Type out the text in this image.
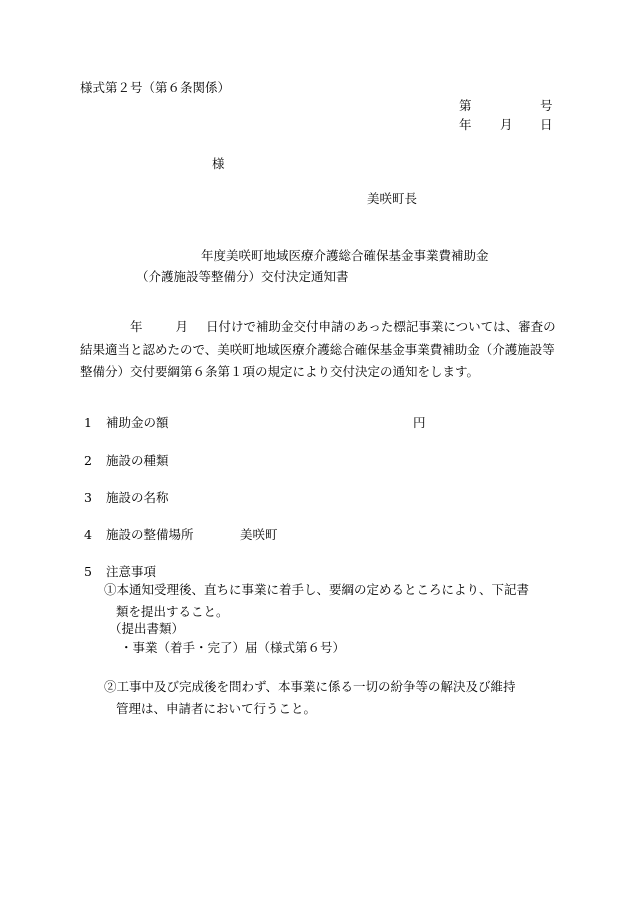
様式第２号（第６条関係）
第	号
年 月 日
様
美咲町長
年度美咲町地域医療介護総合確保基金事業費補助金
（介護施設等整備分）交付決定通知書
年	月 日付けで補助金交付申請のあった標記事業については、審査の結果適当と認めたので、美咲町地域医療介護総合確保基金事業費補助金（介護施設等整備分）交付要綱第６条第１項の規定により交付決定の通知をします。
1 補助金の額	円
2 施設の種類
3 施設の名称
4 施設の整備場所	美咲町
5 注意事項
①本通知受理後、直ちに事業に着手し、要綱の定めるところにより、下記書
類を提出すること。
（提出書類）
・事業（着手・完了）届（様式第６号）
②工事中及び完成後を問わず、本事業に係る一切の紛争等の解決及び維持
管理は、申請者において行うこと。
